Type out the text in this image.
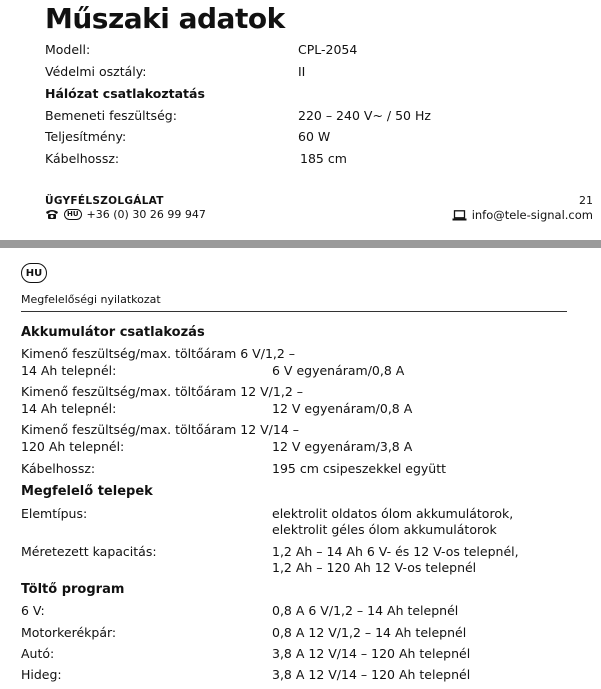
Műszaki adatok
Modell:	CPL-2054
Védelmi osztály:	II
Hálózat csatlakoztatás
Bemeneti feszültség:	220 – 240 V~ / 50 Hz
Teljesítmény:	60 W
Kábelhossz:	185 cm
ÜGYFÉLSZOLGÁLAT
HU +36 (0) 30 26 99 947
21
info@tele-signal.com
HU
Megfelelőségi nyilatkozat
Akkumulátor csatlakozás
Kimenő feszültség/max. töltőáram 6 V/1,2 –
14 Ah telepnél:	6 V egyenáram/0,8 A
Kimenő feszültség/max. töltőáram 12 V/1,2 –
14 Ah telepnél:	12 V egyenáram/0,8 A
Kimenő feszültség/max. töltőáram 12 V/14 –
120 Ah telepnél:	12 V egyenáram/3,8 A
Kábelhossz:	195 cm csipeszekkel együtt
Megfelelő telepek
Elemtípus:	elektrolit oldatos ólom akkumulátorok,
elektrolit géles ólom akkumulátorok
Méretezett kapacitás:	1,2 Ah – 14 Ah 6 V- és 12 V-os telepnél,
1,2 Ah – 120 Ah 12 V-os telepnél
Töltő program
6 V:	0,8 A 6 V/1,2 – 14 Ah telepnél
Motorkerékpár:	0,8 A 12 V/1,2 – 14 Ah telepnél
Autó:	3,8 A 12 V/14 – 120 Ah telepnél
Hideg:	3,8 A 12 V/14 – 120 Ah telepnél
